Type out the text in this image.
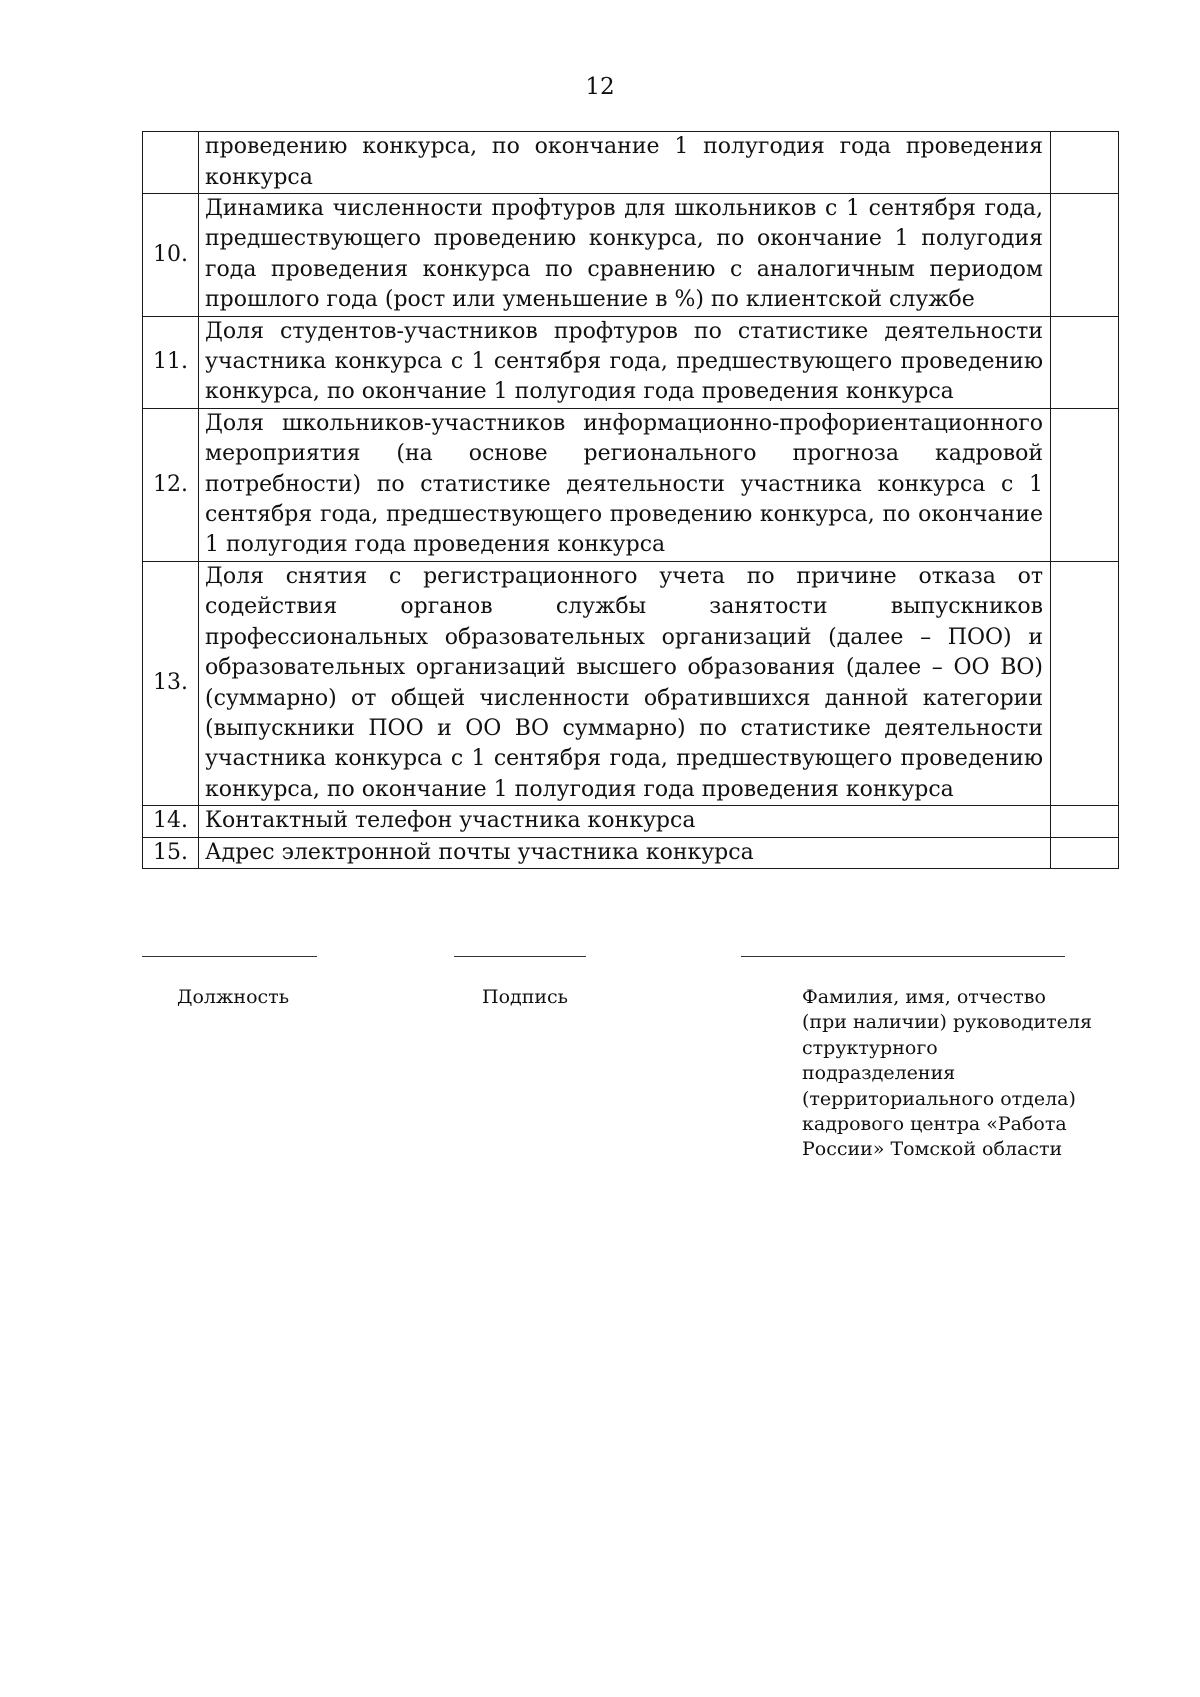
12
	проведению конкурса, по окончание 1 полугодия года проведения конкурса	
10.	Динамика численности профтуров для школьников с 1 сентября года, предшествующего проведению конкурса, по окончание 1 полугодия года проведения конкурса по сравнению с аналогичным периодом прошлого года (рост или уменьшение в %) по клиентской службе	
11.	Доля студентов-участников профтуров по статистике деятельности участника конкурса с 1 сентября года, предшествующего проведению конкурса, по окончание 1 полугодия года проведения конкурса	
12.	Доля школьников-участников информационно-профориентационного мероприятия (на основе регионального прогноза кадровой потребности) по статистике деятельности участника конкурса с 1 сентября года, предшествующего проведению конкурса, по окончание 1 полугодия года проведения конкурса	
13.	Доля снятия с регистрационного учета по причине отказа от содействия органов службы занятости выпускников профессиональных образовательных организаций (далее – ПОО) и образовательных организаций высшего образования (далее – ОО ВО) (суммарно) от общей численности обратившихся данной категории (выпускники ПОО и ОО ВО суммарно) по статистике деятельности участника конкурса с 1 сентября года, предшествующего проведению конкурса, по окончание 1 полугодия года проведения конкурса	
14.	Контактный телефон участника конкурса	
15.	Адрес электронной почты участника конкурса	
Должность	Подпись	Фамилия, имя, отчество (при наличии) руководителя структурного подразделения (территориального отдела) кадрового центра «Работа России» Томской области
